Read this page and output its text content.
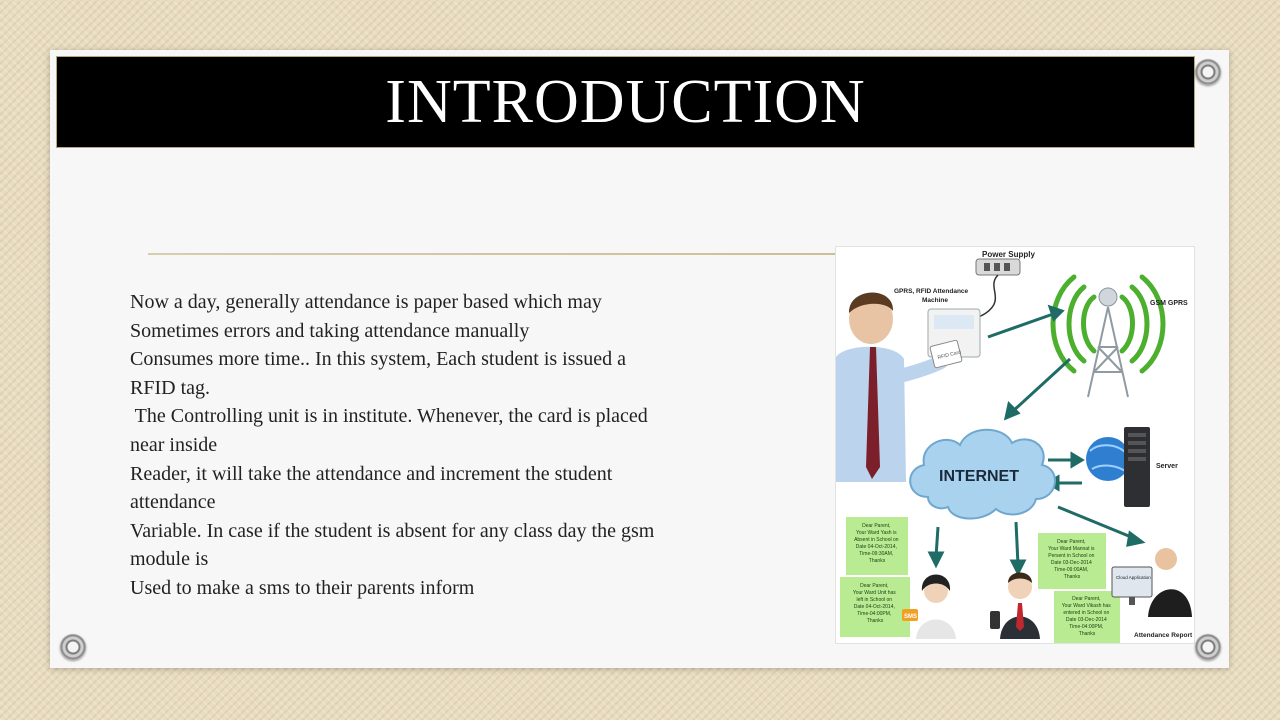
INTRODUCTION
Now a day, generally attendance is paper based which may
Sometimes errors and taking attendance manually
Consumes more time.. In this system, Each student is issued a
RFID tag.
The Controlling unit is in institute. Whenever, the card is placed
near inside
Reader, it will take the attendance and increment the student
attendance
Variable. In case if the student is absent for any class day the gsm
module is
Used to make a sms to their parents inform
Power Supply
RFID Card
GPRS, RFID Attendance
Machine	GSM GPRS
INTERNET
Server
Dear Parent, Your Ward Yash is Absent in School on Date 04-Oct-2014, Time-09:30AM, Thanks
Dear Parent, Your Ward Unit has left in School on Date 04-Oct-2014, Time-04:00PM, Thanks
Dear Parent, Your Ward Mannat is Persent in School on Date 03-Dec-2014 Time-09:00AM, Thanks
Dear Parent, Your Ward Vikash has entered in School on Date 03-Dec-2014 Time-04:00PM, Thanks
SMS
Cloud Application
Attendance Report
